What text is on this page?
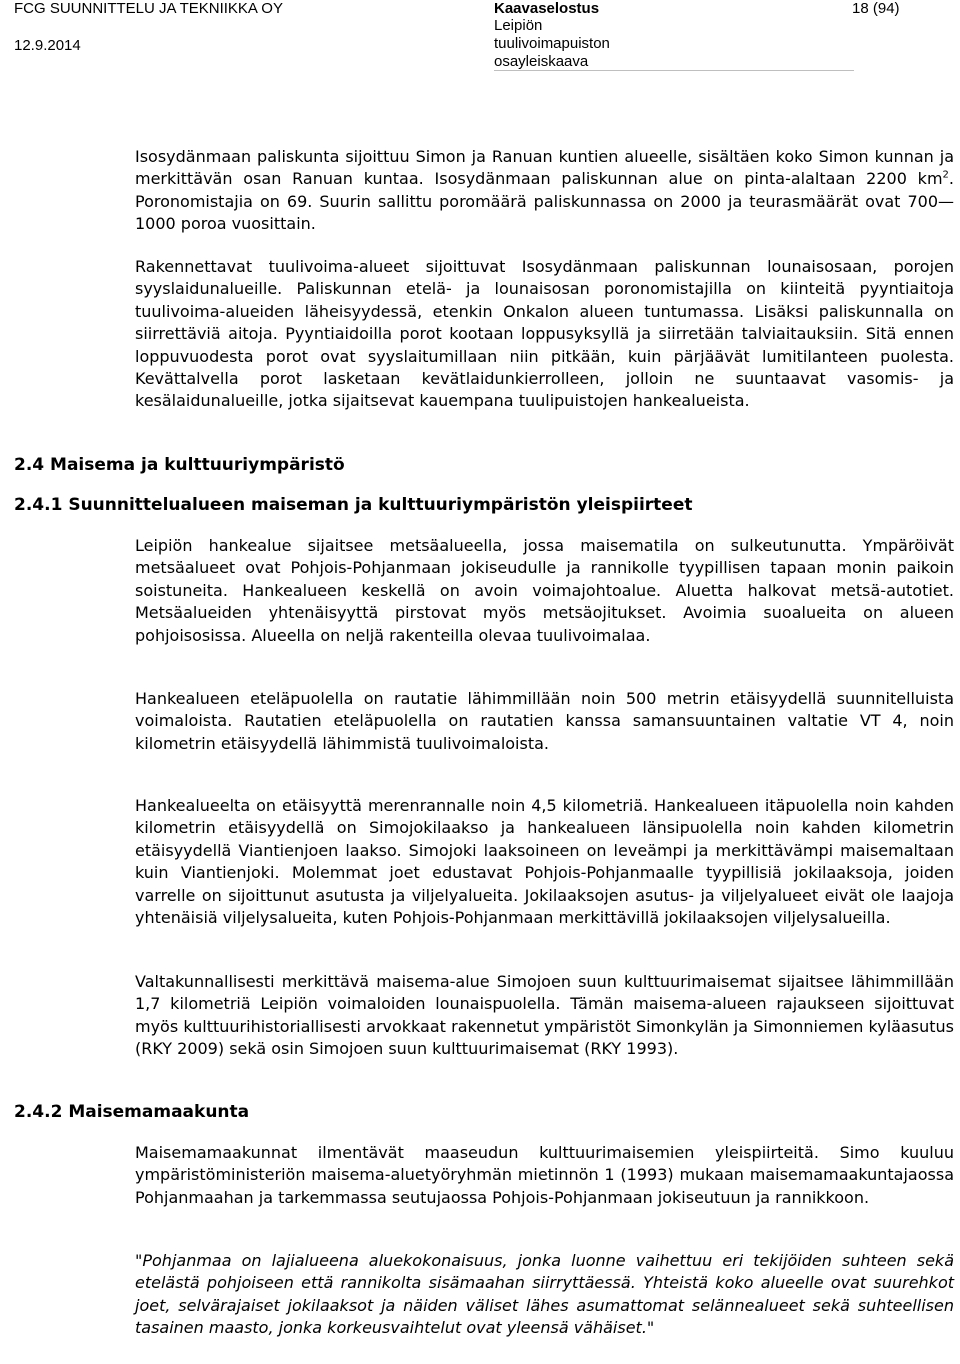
FCG SUUNNITTELU JA TEKNIIKKA OY
12.9.2014
Kaavaselostus
Leipiön
tuulivoimapuiston
osayleiskaava
18 (94)

Isosydänmaan paliskunta sijoittuu Simon ja Ranuan kuntien alueelle, sisältäen koko Simon kunnan ja merkittävän osan Ranuan kuntaa. Isosydänmaan paliskunnan alue on pinta-alaltaan 2200 $km^2$. Poronomistajia on 69. Suurin sallittu poromäärä paliskunnassa on 2000 ja teurasmäärät ovat 700—1000 poroa vuosittain.

Rakennettavat tuulivoima-alueet sijoittuvat Isosydänmaan paliskunnan lounaisosaan, porojen syyslaidunalueille. Paliskunnan etelä- ja lounaisosan poronomistajilla on kiinteitä pyyntiaitoja tuulivoima-alueiden läheisyydessä, etenkin Onkalon alueen tuntumassa. Lisäksi paliskunnalla on siirrettäviä aitoja. Pyyntiaidoilla porot kootaan loppusyksyllä ja siirretään talviaitauksiin. Sitä ennen loppuvuodesta porot ovat syyslaitumillaan niin pitkään, kuin pärjäävät lumitilanteen puolesta. Kevättalvella porot lasketaan kevätlaidunkierrolleen, jolloin ne suuntaavat vasomis- ja kesälaidunalueille, jotka sijaitsevat kauempana tuulipuistojen hankealueista.

2.4 Maisema ja kulttuuriympäristö
2.4.1 Suunnittelualueen maiseman ja kulttuuriympäristön yleispiirteet

Leipiön hankealue sijaitsee metsäalueella, jossa maisematila on sulkeutunutta. Ympäröivät metsäalueet ovat Pohjois-Pohjanmaan jokiseudulle ja rannikolle tyypillisen tapaan monin paikoin soistuneita. Hankealueen keskellä on avoin voimajohtoalue. Aluetta halkovat metsä-autotiet. Metsäalueiden yhtenäisyyttä pirstovat myös metsäojitukset. Avoimia suoalueita on alueen pohjoisosissa. Alueella on neljä rakenteilla olevaa tuulivoimalaa.

Hankealueen eteläpuolella on rautatie lähimmillään noin 500 metrin etäisyydellä suunnitelluista voimaloista. Rautatien eteläpuolella on rautatien kanssa samansuuntainen valtatie VT 4, noin kilometrin etäisyydellä lähimmistä tuulivoimaloista.

Hankealueelta on etäisyyttä merenrannalle noin 4,5 kilometriä. Hankealueen itäpuolella noin kahden kilometrin etäisyydellä on Simojokilaakso ja hankealueen länsipuolella noin kahden kilometrin etäisyydellä Viantienjoen laakso. Simojoki laaksoineen on leveämpi ja merkittävämpi maisemaltaan kuin Viantienjoki. Molemmat joet edustavat Pohjois-Pohjanmaalle tyypillisiä jokilaaksoja, joiden varrelle on sijoittunut asutusta ja viljelyalueita. Jokilaaksojen asutus- ja viljelyalueet eivät ole laajoja yhtenäisiä viljelysalueita, kuten Pohjois-Pohjanmaan merkittävillä jokilaaksojen viljelysalueilla.

Valtakunnallisesti merkittävä maisema-alue Simojoen suun kulttuurimaisemat sijaitsee lähimmillään 1,7 kilometriä Leipiön voimaloiden lounaispuolella. Tämän maisema-alueen rajaukseen sijoittuvat myös kulttuurihistoriallisesti arvokkaat rakennetut ympäristöt Simonkylän ja Simonniemen kyläasutus (RKY 2009) sekä osin Simojoen suun kulttuurimaisemat (RKY 1993).

2.4.2 Maisemamaakunta

Maisemamaakunnat ilmentävät maaseudun kulttuurimaisemien yleispiirteitä. Simo kuuluu ympäristöministeriön maisema-aluetyöryhmän mietinnön 1 (1993) mukaan maisemamaakuntajaossa Pohjanmaahan ja tarkemmassa seutujaossa Pohjois-Pohjanmaan jokiseutuun ja rannikkoon.

"Pohjanmaa on lajialueena aluekokonaisuus, jonka luonne vaihettuu eri tekijöiden suhteen sekä etelästä pohjoiseen että rannikolta sisämaahan siirryttäessä. Yhteistä koko alueelle ovat suurehkot joet, selvärajaiset jokilaaksot ja näiden väliset lähes asumattomat selännealueet sekä suhteellisen tasainen maasto, jonka korkeusvaihtelut ovat yleensä vähäiset."
